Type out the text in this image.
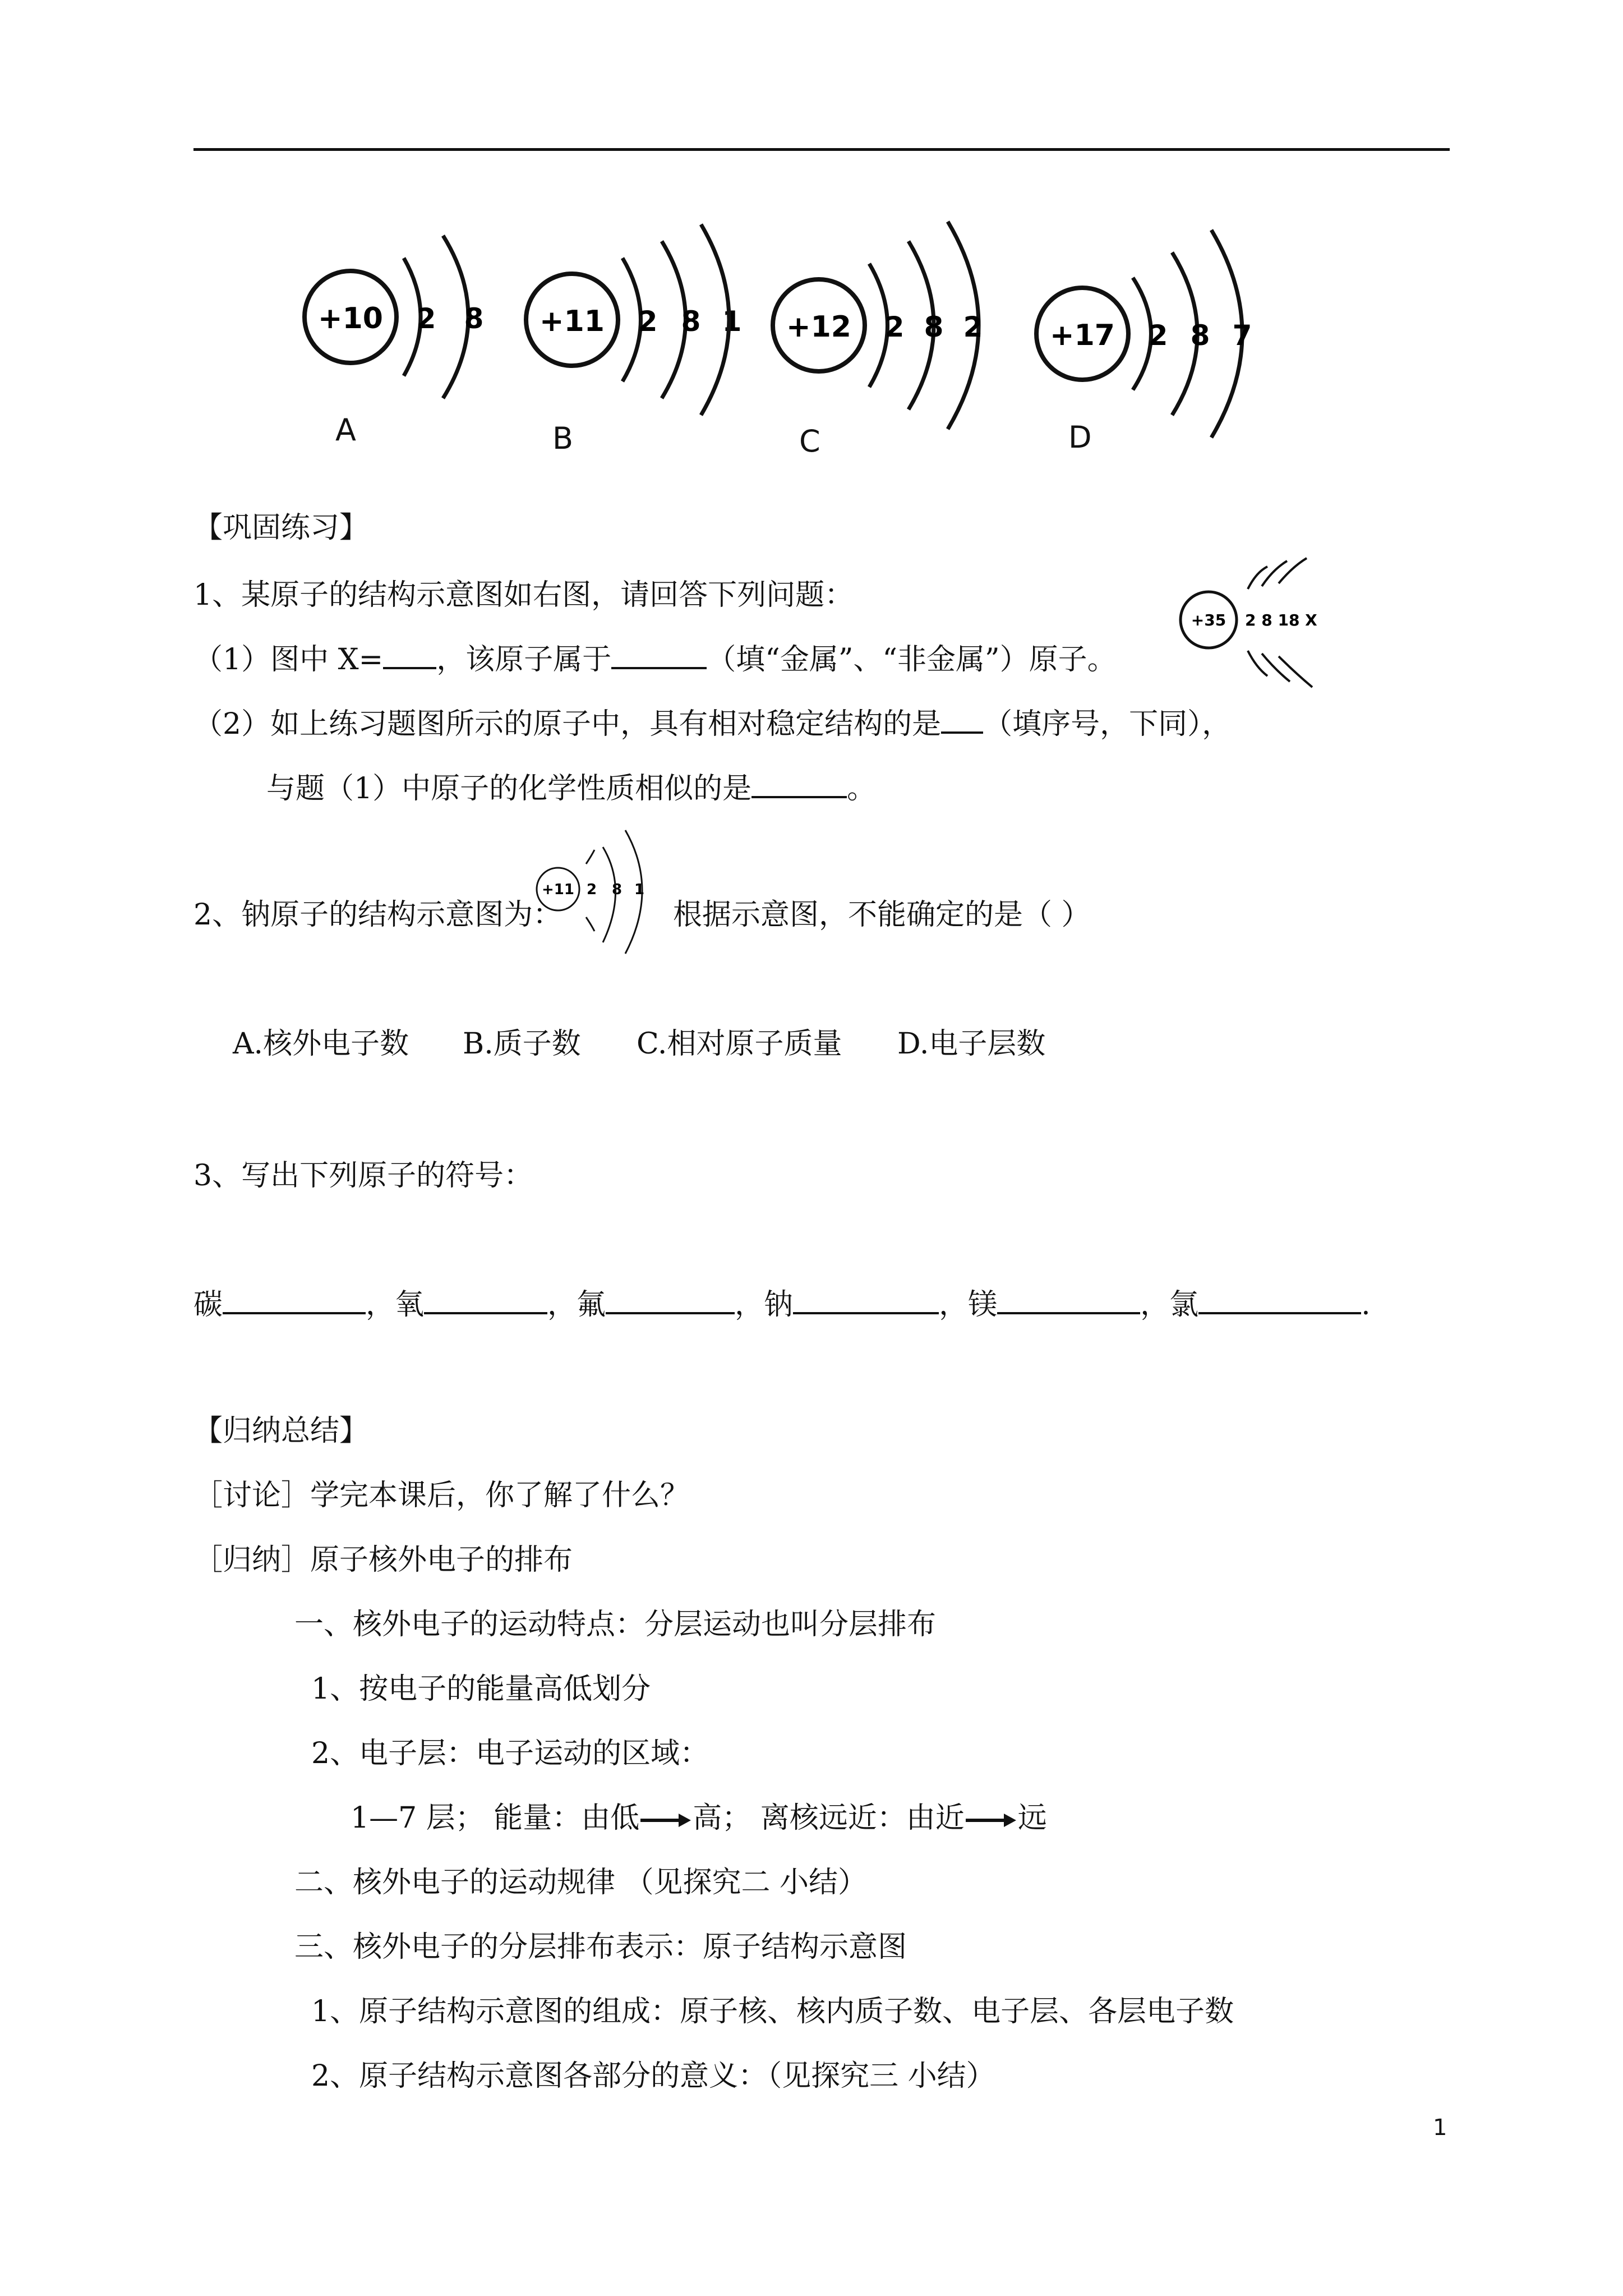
+10 2 8 +11 2 8 1 +12 2 8 2 +17 2 8 7
A	B	C	D
【巩固练习】
1、某原子的结构示意图如右图，请回答下列问题：
+35 2 8 18 X
（1）图中 X= ，该原子属于	（填“金属”、“非金属”）原子。
（2）如上练习题图所示的原子中，具有相对稳定结构的是 （填序号，下同），
与题（1）中原子的化学性质相似的是	。
2、钠原子的结构示意图为：
+11 2 8 1
根据示意图，不能确定的是（ ）
A.核外电子数 B.质子数 C.相对原子质量 D.电子层数
3、写出下列原子的符号：
碳	，氧	，氟	，钠	，镁	，氯	.
【归纳总结】
［讨论］学完本课后，你了解了什么？
［归纳］原子核外电子的排布
一、核外电子的运动特点：分层运动也叫分层排布
1、按电子的能量高低划分
2、电子层：电子运动的区域：
1—7 层； 能量：由低 高； 离核远近：由近 远
二、核外电子的运动规律 （见探究二 小结）
三、核外电子的分层排布表示：原子结构示意图
1、原子结构示意图的组成：原子核、核内质子数、电子层、各层电子数
2、原子结构示意图各部分的意义：（见探究三 小结）
1
